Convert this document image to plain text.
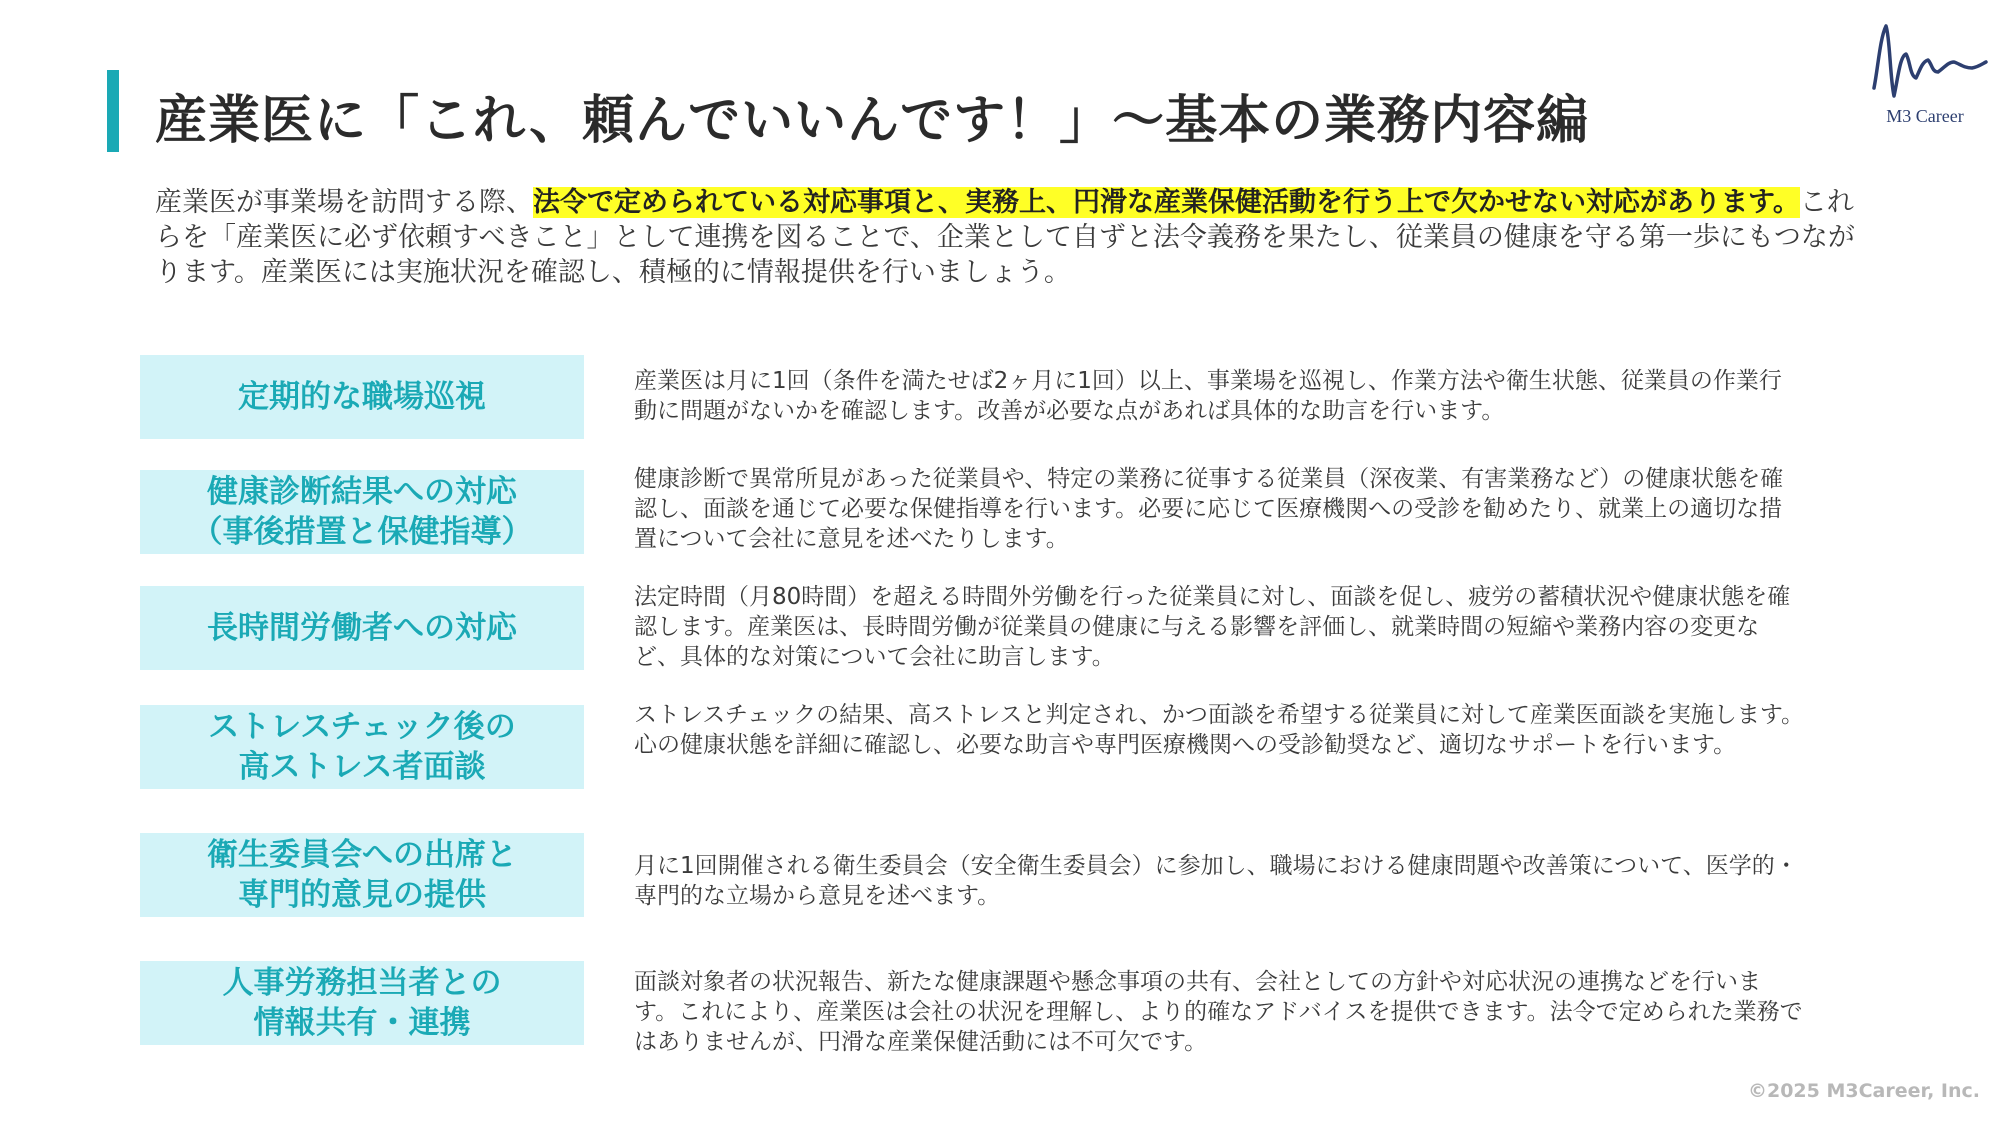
産業医に「これ、頼んでいいんです！」〜基本の業務内容編	M3 Career
産業医が事業場を訪問する際、法令で定められている対応事項と、実務上、円滑な産業保健活動を行う上で欠かせない対応があります。これらを「産業医に必ず依頼すべきこと」として連携を図ることで、企業として自ずと法令義務を果たし、従業員の健康を守る第一歩にもつながります。産業医には実施状況を確認し、積極的に情報提供を行いましょう。
定期的な職場巡視	産業医は月に1回（条件を満たせば2ヶ月に1回）以上、事業場を巡視し、作業方法や衛生状態、従業員の作業行動に問題がないかを確認します。改善が必要な点があれば具体的な助言を行います。
健康診断結果への対応
（事後措置と保健指導）
健康診断で異常所見があった従業員や、特定の業務に従事する従業員（深夜業、有害業務など）の健康状態を確認し、面談を通じて必要な保健指導を行います。必要に応じて医療機関への受診を勧めたり、就業上の適切な措置について会社に意見を述べたりします。
長時間労働者への対応
法定時間（月80時間）を超える時間外労働を行った従業員に対し、面談を促し、疲労の蓄積状況や健康状態を確認します。産業医は、長時間労働が従業員の健康に与える影響を評価し、就業時間の短縮や業務内容の変更など、具体的な対策について会社に助言します。
ストレスチェック後の
高ストレス者面談
ストレスチェックの結果、高ストレスと判定され、かつ面談を希望する従業員に対して産業医面談を実施します。心の健康状態を詳細に確認し、必要な助言や専門医療機関への受診勧奨など、適切なサポートを行います。
衛生委員会への出席と
専門的意見の提供
月に1回開催される衛生委員会（安全衛生委員会）に参加し、職場における健康問題や改善策について、医学的・専門的な立場から意見を述べます。
人事労務担当者との
情報共有・連携
面談対象者の状況報告、新たな健康課題や懸念事項の共有、会社としての方針や対応状況の連携などを行います。これにより、産業医は会社の状況を理解し、より的確なアドバイスを提供できます。法令で定められた業務ではありませんが、円滑な産業保健活動には不可欠です。
©2025 M3Career, Inc.
